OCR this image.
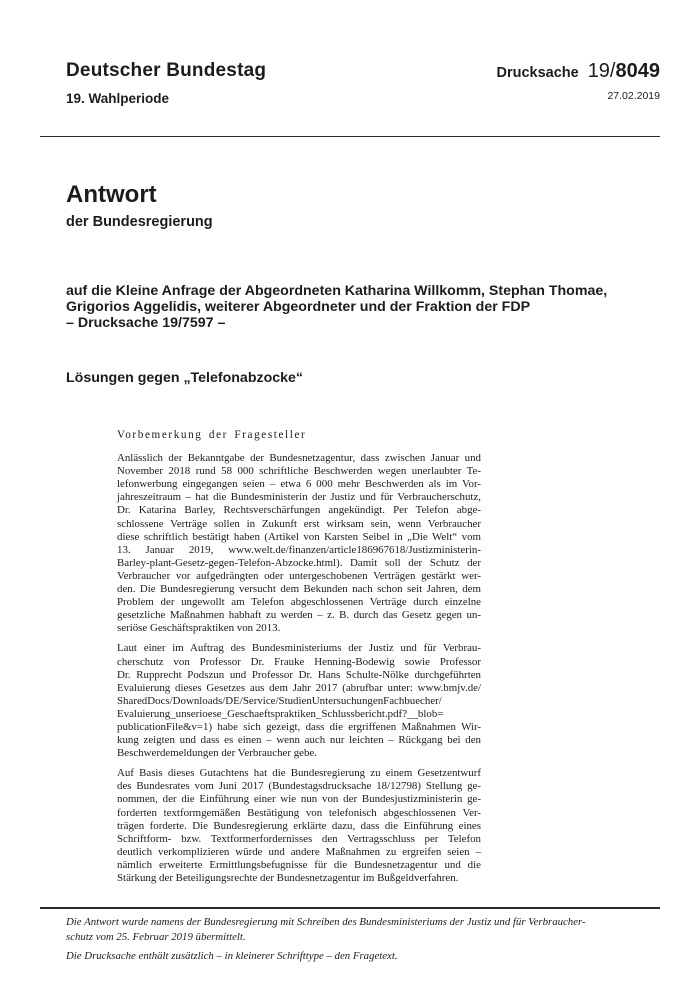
Deutscher Bundestag
19. Wahlperiode
Drucksache 19/ 8049
27.02.2019
Antwort
der Bundesregierung
auf die Kleine Anfrage der Abgeordneten Katharina Willkomm, Stephan Thomae,
Grigorios Aggelidis, weiterer Abgeordneter und der Fraktion der FDP
– Drucksache 19/7597 –
Lösungen gegen „Telefonabzocke“
Vorbemerkung der Fragesteller
Anlässlich der Bekanntgabe der Bundesnetzagentur, dass zwischen Januar und
November 2018 rund 58 000 schriftliche Beschwerden wegen unerlaubter Te-
lefonwerbung eingegangen seien – etwa 6 000 mehr Beschwerden als im Vor-
jahreszeitraum – hat die Bundesministerin der Justiz und für Verbraucherschutz,
Dr. Katarina Barley, Rechtsverschärfungen angekündigt. Per Telefon abge-
schlossene Verträge sollen in Zukunft erst wirksam sein, wenn Verbraucher
diese schriftlich bestätigt haben (Artikel von Karsten Seibel in „Die Welt“ vom
13. Januar 2019, www.welt.de/finanzen/article186967618/Justizministerin-
Barley-plant-Gesetz-gegen-Telefon-Abzocke.html). Damit soll der Schutz der
Verbraucher vor aufgedrängten oder untergeschobenen Verträgen gestärkt wer-
den. Die Bundesregierung versucht dem Bekunden nach schon seit Jahren, dem
Problem der ungewollt am Telefon abgeschlossenen Verträge durch einzelne
gesetzliche Maßnahmen habhaft zu werden – z. B. durch das Gesetz gegen un-
seriöse Geschäftspraktiken von 2013.
Laut einer im Auftrag des Bundesministeriums der Justiz und für Verbrau-
cherschutz von Professor Dr. Frauke Henning-Bodewig sowie Professor
Dr. Rupprecht Podszun und Professor Dr. Hans Schulte-Nölke durchgeführten
Evaluierung dieses Gesetzes aus dem Jahr 2017 (abrufbar unter: www.bmjv.de/
SharedDocs/Downloads/DE/Service/StudienUntersuchungenFachbuecher/
Evaluierung_unserioese_Geschaeftspraktiken_Schlussbericht.pdf?__blob=
publicationFile&v=1) habe sich gezeigt, dass die ergriffenen Maßnahmen Wir-
kung zeigten und dass es einen – wenn auch nur leichten – Rückgang bei den
Beschwerdemeldungen der Verbraucher gebe.
Auf Basis dieses Gutachtens hat die Bundesregierung zu einem Gesetzentwurf
des Bundesrates vom Juni 2017 (Bundestagsdrucksache 18/12798) Stellung ge-
nommen, der die Einführung einer wie nun von der Bundesjustizministerin ge-
forderten textformgemäßen Bestätigung von telefonisch abgeschlossenen Ver-
trägen forderte. Die Bundesregierung erklärte dazu, dass die Einführung eines
Schriftform- bzw. Textformerfordernisses den Vertragsschluss per Telefon
deutlich verkomplizieren würde und andere Maßnahmen zu ergreifen seien –
nämlich erweiterte Ermittlungsbefugnisse für die Bundesnetzagentur und die
Stärkung der Beteiligungsrechte der Bundesnetzagentur im Bußgeldverfahren.
Die Antwort wurde namens der Bundesregierung mit Schreiben des Bundesministeriums der Justiz und für Verbraucher-
schutz vom 25. Februar 2019 übermittelt.
Die Drucksache enthält zusätzlich – in kleinerer Schrifttype – den Fragetext.
